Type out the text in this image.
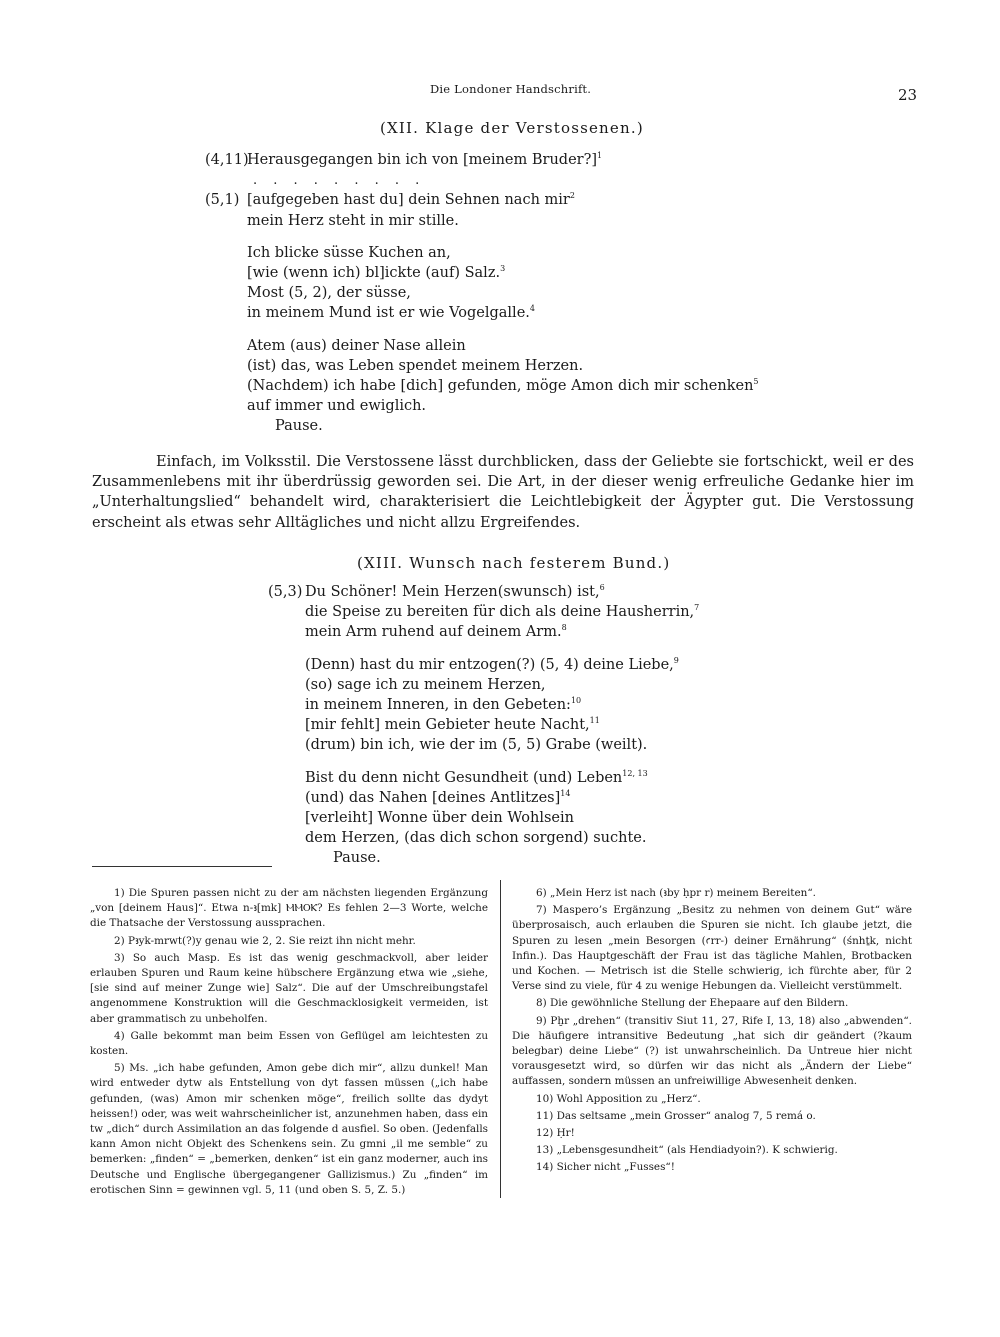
Die Londoner Handschrift.	23
(XII. Klage der Verstossenen.)
(4,11)
Herausgegangen bin ich von [meinem Bruder?]$^1$
. . . . . . . . .
(5,1) [aufgegeben hast du] dein Sehnen nach mir$^2$
mein Herz steht in mir stille.
Ich blicke süsse Kuchen an,
[wie (wenn ich) bl]ickte (auf) Salz.$^3$
Most (5, 2), der süsse,
in meinem Mund ist er wie Vogelgalle.$^4$
Atem (aus) deiner Nase allein
(ist) das, was Leben spendet meinem Herzen.
(Nachdem) ich habe [dich] gefunden, möge Amon dich mir schenken$^5$
auf immer und ewiglich.
Pause.

Einfach, im Volksstil. Die Verstossene lässt durchblicken, dass der Geliebte sie fortschickt, weil er des Zusammenlebens mit ihr überdrüssig geworden sei. Die Art, in der dieser wenig erfreuliche Gedanke hier im „Unterhaltungslied“ behandelt wird, charakterisiert die Leichtlebigkeit der Ägypter gut. Die Verstossung erscheint als etwas sehr Alltägliches und nicht allzu Ergreifendes.

(XIII. Wunsch nach festerem Bund.)
(5,3) Du Schöner! Mein Herzen(swunsch) ist,$^6$
die Speise zu bereiten für dich als deine Hausherrin,$^7$
mein Arm ruhend auf deinem Arm.$^8$
(Denn) hast du mir entzogen(?) (5, 4) deine Liebe,$^9$
(so) sage ich zu meinem Herzen,
in meinem Inneren, in den Gebeten:$^{10}$
[mir fehlt] mein Gebieter heute Nacht,$^{11}$
(drum) bin ich, wie der im (5, 5) Grabe (weilt).
Bist du denn nicht Gesundheit (und) Leben$^{12, 13}$
(und) das Nahen [deines Antlitzes]$^{14}$
[verleiht] Wonne über dein Wohlsein
dem Herzen, (das dich schon sorgend) suchte.
Pause.

1) Die Spuren passen nicht zu der am nächsten liegenden Ergänzung „von [deinem Haus]“. Etwa n-ꜣ[mk] ⲘⲘⲞⲔ? Es fehlen 2—3 Worte, welche die Thatsache der Verstossung aussprachen.

2) Pꜣyk-mrwt(?)y genau wie 2, 2. Sie reizt ihn nicht mehr.

3) So auch Masp. Es ist das wenig geschmackvoll, aber leider erlauben Spuren und Raum keine hübschere Ergänzung etwa wie „siehe, [sie sind auf meiner Zunge wie] Salz“. Die auf der Umschreibungstafel angenommene Konstruktion will die Geschmacklosigkeit vermeiden, ist aber grammatisch zu unbeholfen.

4) Galle bekommt man beim Essen von Geflügel am leichtesten zu kosten.

5) Ms. „ich habe gefunden, Amon gebe dich mir“, allzu dunkel! Man wird entweder dytw als Entstellung von dyt fassen müssen („ich habe gefunden, (was) Amon mir schenken möge“, freilich sollte das dydyt heissen!) oder, was weit wahrscheinlicher ist, anzunehmen haben, dass ein tw „dich“ durch Assimilation an das folgende d ausfiel. So oben. (Jedenfalls kann Amon nicht Objekt des Schenkens sein. Zu gmni „il me semble“ zu bemerken: „finden“ = „bemerken, denken“ ist ein ganz moderner, auch ins Deutsche und Englische übergegangener Gallizismus.) Zu „finden“ im erotischen Sinn = gewinnen vgl. 5, 11 (und oben S. 5, Z. 5.)

6) „Mein Herz ist nach (ꜣby ḥpr r) meinem Bereiten“.

7) Maspero’s Ergänzung „Besitz zu nehmen von deinem Gut“ wäre überprosaisch, auch erlauben die Spuren sie nicht. Ich glaube jetzt, die Spuren zu lesen „mein Besorgen (ꜥrr-) deiner Ernährung“ (śnhṯk, nicht Infin.). Das Hauptgeschäft der Frau ist das tägliche Mahlen, Brotbacken und Kochen. — Metrisch ist die Stelle schwierig, ich fürchte aber, für 2 Verse sind zu viele, für 4 zu wenige Hebungen da. Vielleicht verstümmelt.

8) Die gewöhnliche Stellung der Ehepaare auf den Bildern.

9) Pḫr „drehen“ (transitiv Siut 11, 27, Rife I, 13, 18) also „abwenden“. Die häufigere intransitive Bedeutung „hat sich dir geändert (?kaum belegbar) deine Liebe“ (?) ist unwahrscheinlich. Da Untreue hier nicht vorausgesetzt wird, so dürfen wir das nicht als „Ändern der Liebe“ auffassen, sondern müssen an unfreiwillige Abwesenheit denken.

10) Wohl Apposition zu „Herz“.

11) Das seltsame „mein Grosser“ analog 7, 5 remá o.

12) Ḥr!

13) „Lebensgesundheit“ (als Hendiadyoin?). K schwierig.

14) Sicher nicht „Fusses“!
